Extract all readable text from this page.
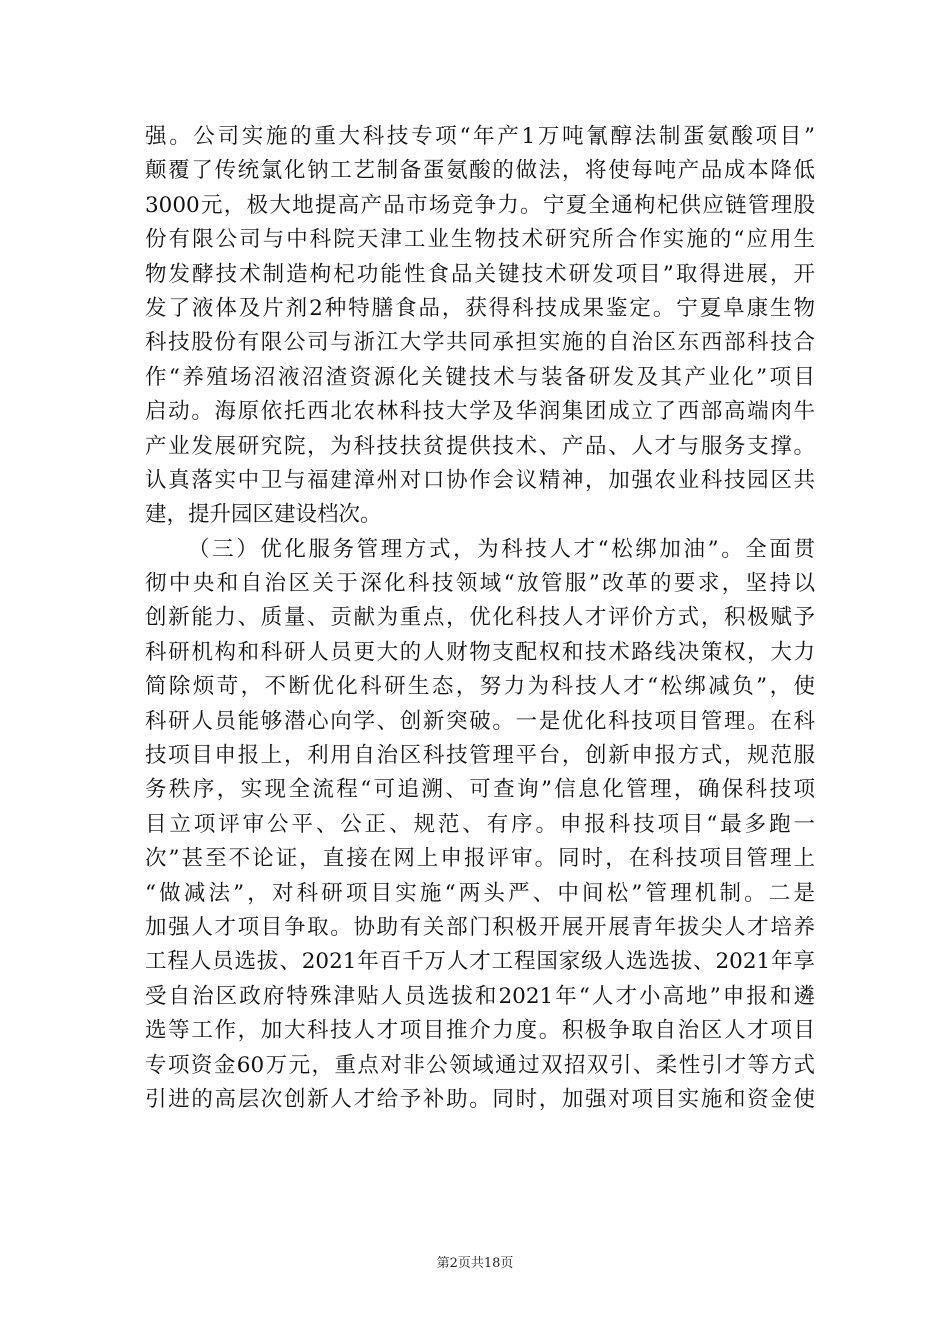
强。公司实施的重大科技专项“年产1万吨氰醇法制蛋氨酸项目”
颠覆了传统氯化钠工艺制备蛋氨酸的做法，将使每吨产品成本降低
3000元，极大地提高产品市场竞争力。宁夏全通枸杞供应链管理股
份有限公司与中科院天津工业生物技术研究所合作实施的“应用生
物发酵技术制造枸杞功能性食品关键技术研发项目”取得进展，开
发了液体及片剂2种特膳食品，获得科技成果鉴定。宁夏阜康生物
科技股份有限公司与浙江大学共同承担实施的自治区东西部科技合
作“养殖场沼液沼渣资源化关键技术与装备研发及其产业化”项目
启动。海原依托西北农林科技大学及华润集团成立了西部高端肉牛
产业发展研究院，为科技扶贫提供技术、产品、人才与服务支撑。
认真落实中卫与福建漳州对口协作会议精神，加强农业科技园区共
建，提升园区建设档次。
（三）优化服务管理方式，为科技人才“松绑加油”。全面贯
彻中央和自治区关于深化科技领域“放管服”改革的要求，坚持以
创新能力、质量、贡献为重点，优化科技人才评价方式，积极赋予
科研机构和科研人员更大的人财物支配权和技术路线决策权，大力
简除烦苛，不断优化科研生态，努力为科技人才“松绑减负”，使
科研人员能够潜心向学、创新突破。一是优化科技项目管理。在科
技项目申报上，利用自治区科技管理平台，创新申报方式，规范服
务秩序，实现全流程“可追溯、可查询”信息化管理，确保科技项
目立项评审公平、公正、规范、有序。申报科技项目“最多跑一
次”甚至不论证，直接在网上申报评审。同时，在科技项目管理上
“做减法”，对科研项目实施“两头严、中间松”管理机制。二是
加强人才项目争取。协助有关部门积极开展开展青年拔尖人才培养
工程人员选拔、2021年百千万人才工程国家级人选选拔、2021年享
受自治区政府特殊津贴人员选拔和2021年“人才小高地”申报和遴
选等工作，加大科技人才项目推介力度。积极争取自治区人才项目
专项资金60万元，重点对非公领域通过双招双引、柔性引才等方式
引进的高层次创新人才给予补助。同时，加强对项目实施和资金使
第2页共18页
